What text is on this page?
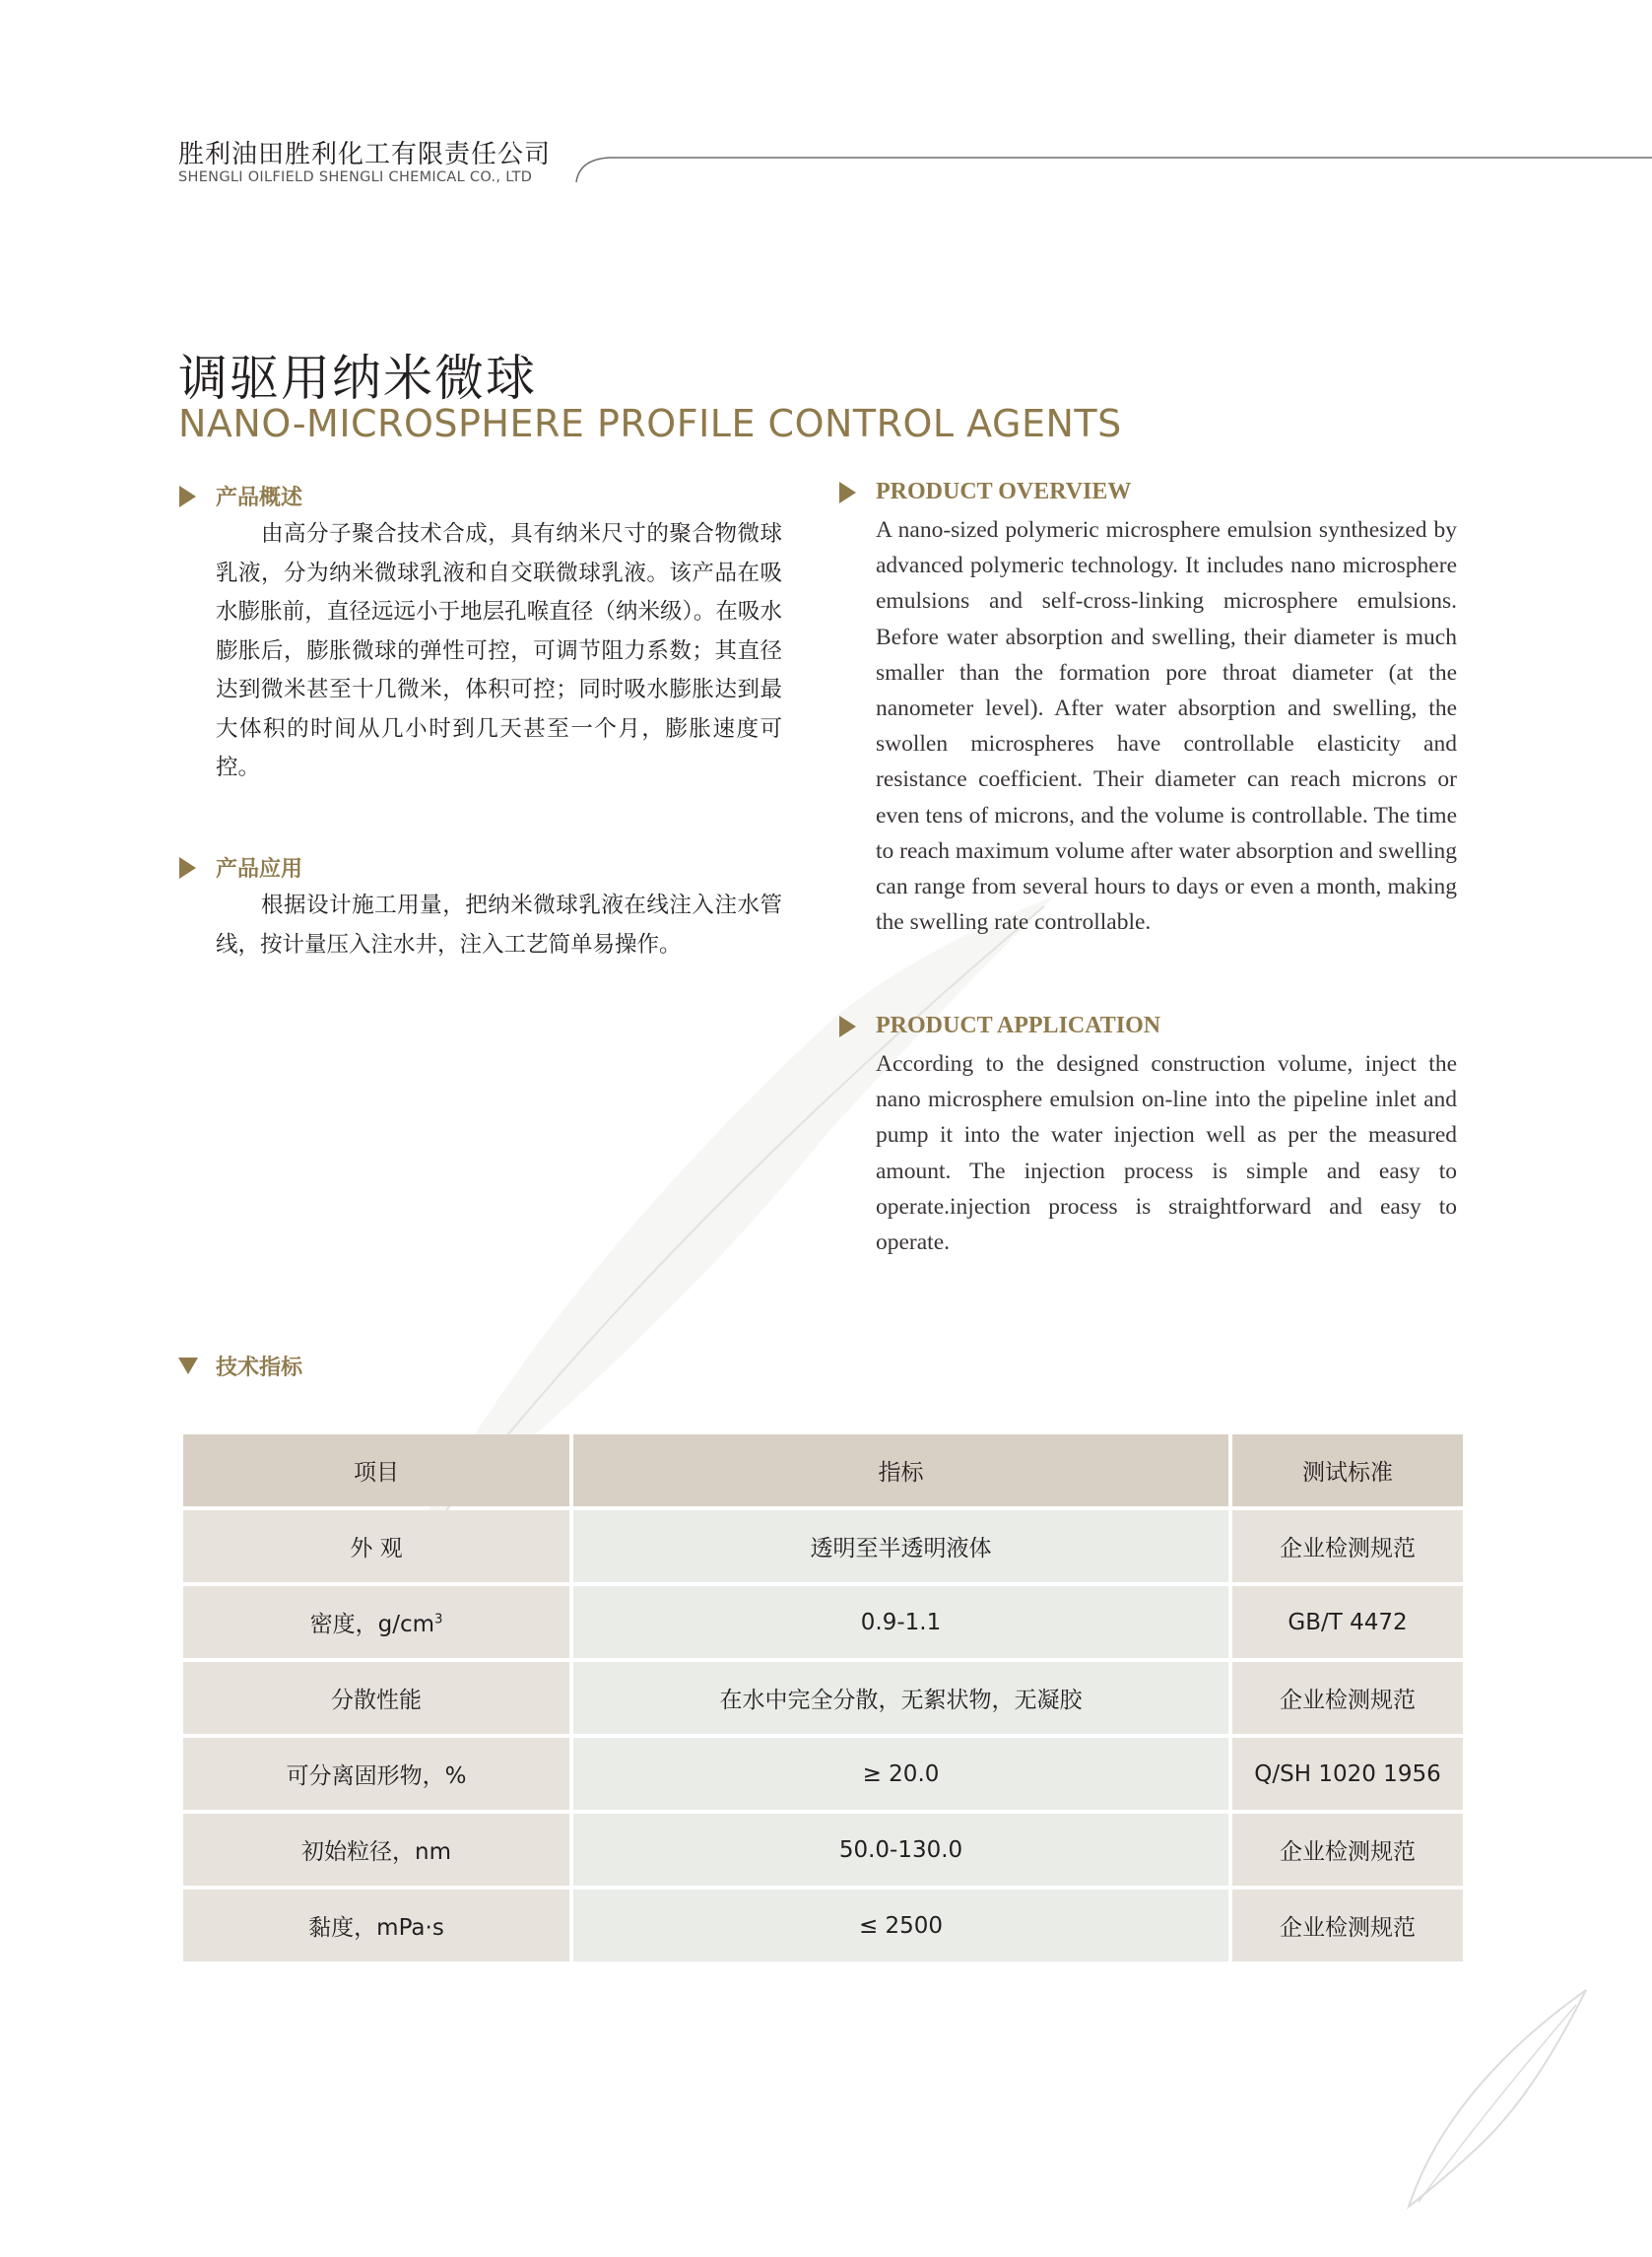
胜利油田胜利化工有限责任公司
SHENGLI OILFIELD SHENGLI CHEMICAL CO., LTD
调驱用纳米微球
NANO-MICROSPHERE PROFILE CONTROL AGENTS
产品概述
　　由高分子聚合技术合成，具有纳米尺寸的聚合物微球乳液，分为纳米微球乳液和自交联微球乳液。该产品在吸水膨胀前，直径远远小于地层孔喉直径（纳米级）。在吸水膨胀后，膨胀微球的弹性可控，可调节阻力系数；其直径达到微米甚至十几微米，体积可控；同时吸水膨胀达到最大体积的时间从几小时到几天甚至一个月，膨胀速度可控。
产品应用
　　根据设计施工用量，把纳米微球乳液在线注入注水管线，按计量压入注水井，注入工艺简单易操作。
PRODUCT OVERVIEW
A nano-sized polymeric microsphere emulsion synthesized by advanced polymeric technology. It includes nano microsphere emulsions and self-cross-linking microsphere emulsions. Before water absorption and swelling, their diameter is much smaller than the formation pore throat diameter (at the nanometer level). After water absorption and swelling, the swollen microspheres have controllable elasticity and resistance coefficient. Their diameter can reach microns or even tens of microns, and the volume is controllable. The time to reach maximum volume after water absorption and swelling can range from several hours to days or even a month, making the swelling rate controllable.
PRODUCT APPLICATION
According to the designed construction volume, inject the nano microsphere emulsion on-line into the pipeline inlet and pump it into the water injection well as per the measured amount. The injection process is simple and easy to operate.injection process is straightforward and easy to operate.
技术指标
项目	指标	测试标准
外 观	透明至半透明液体	企业检测规范
密度，$g/cm^3$	0.9-1.1	GB/T 4472
分散性能	在水中完全分散，无絮状物，无凝胶	企业检测规范
可分离固形物，%	≥ 20.0	Q/SH 1020 1956
初始粒径，nm	50.0-130.0	企业检测规范
黏度，mPa·s	≤ 2500	企业检测规范
